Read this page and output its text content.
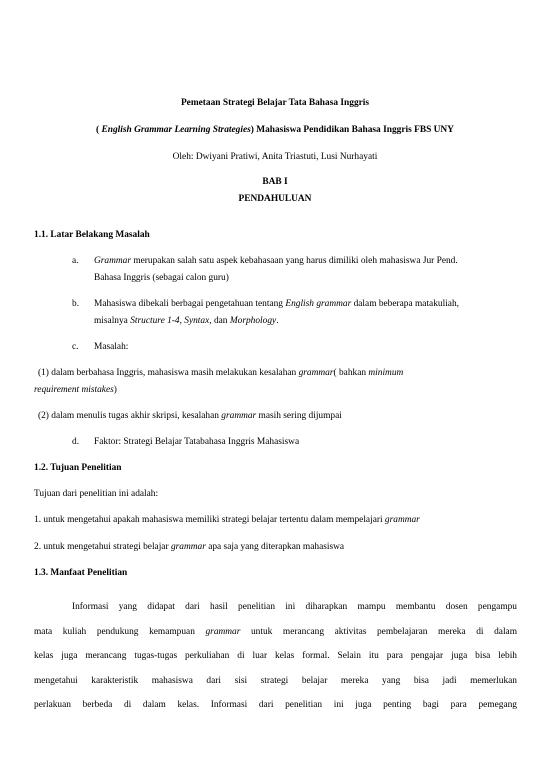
Pemetaan Strategi Belajar Tata Bahasa Inggris
( English Grammar Learning Strategies) Mahasiswa Pendidikan Bahasa Inggris FBS UNY
Oleh: Dwiyani Pratiwi, Anita Triastuti, Lusi Nurhayati
BAB I
PENDAHULUAN
1.1. Latar Belakang Masalah
a. Grammar merupakan salah satu aspek kebahasaan yang harus dimiliki oleh mahasiswa Jur Pend.
Bahasa Inggris (sebagai calon guru)
b. Mahasiswa dibekali berbagai pengetahuan tentang English grammar dalam beberapa matakuliah,
misalnya Structure 1-4, Syntax, dan Morphology.
c. Masalah:
(1) dalam berbahasa Inggris, mahasiswa masih melakukan kesalahan grammar( bahkan minimum
requirement mistakes)
(2) dalam menulis tugas akhir skripsi, kesalahan grammar masih sering dijumpai
d. Faktor: Strategi Belajar Tatabahasa Inggris Mahasiswa
1.2. Tujuan Penelitian
Tujuan dari penelitian ini adalah:
1. untuk mengetahui apakah mahasiswa memiliki strategi belajar tertentu dalam mempelajari grammar
2. untuk mengetahui strategi belajar grammar apa saja yang diterapkan mahasiswa
1.3. Manfaat Penelitian
Informasi yang didapat dari hasil penelitian ini diharapkan mampu membantu dosen pengampu
mata kuliah pendukung kemampuan grammar untuk merancang aktivitas pembelajaran mereka di dalam
kelas juga merancang tugas-tugas perkuliahan di luar kelas formal. Selain itu para pengajar juga bisa lebih
mengetahui karakteristik mahasiswa dari sisi strategi belajar mereka yang bisa jadi memerlukan
perlakuan berbeda di dalam kelas. Informasi dari penelitian ini juga penting bagi para pemegang
